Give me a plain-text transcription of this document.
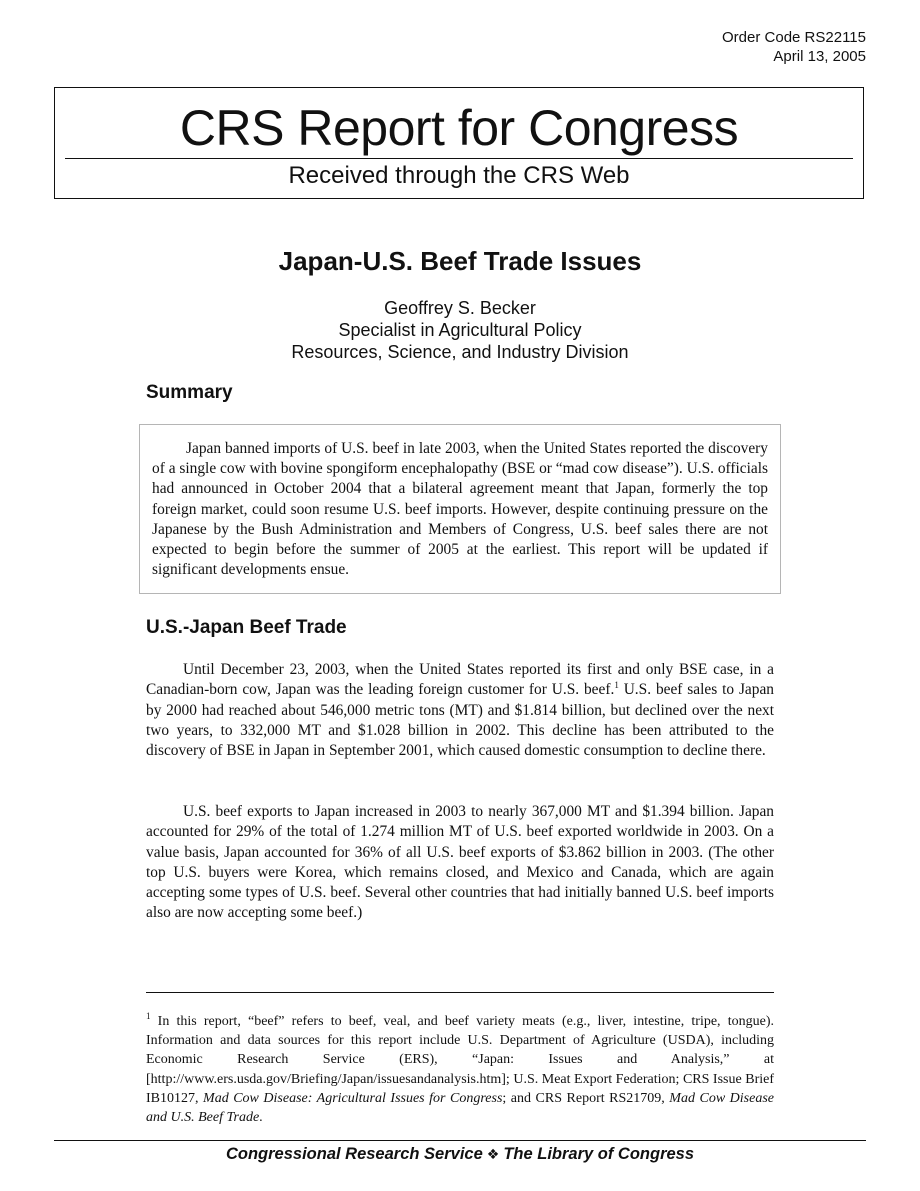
Order Code RS22115
April 13, 2005
CRS Report for Congress
Received through the CRS Web
Japan-U.S. Beef Trade Issues
Geoffrey S. Becker
Specialist in Agricultural Policy
Resources, Science, and Industry Division
Summary

Japan banned imports of U.S. beef in late 2003, when the United States reported the discovery of a single cow with bovine spongiform encephalopathy (BSE or “mad cow disease”). U.S. officials had announced in October 2004 that a bilateral agreement meant that Japan, formerly the top foreign market, could soon resume U.S. beef imports. However, despite continuing pressure on the Japanese by the Bush Administration and Members of Congress, U.S. beef sales there are not expected to begin before the summer of 2005 at the earliest. This report will be updated if significant developments ensue.

U.S.-Japan Beef Trade

Until December 23, 2003, when the United States reported its first and only BSE case, in a Canadian-born cow, Japan was the leading foreign customer for U.S. beef.$^1$ U.S. beef sales to Japan by 2000 had reached about 546,000 metric tons (MT) and $1.814 billion, but declined over the next two years, to 332,000 MT and $1.028 billion in 2002. This decline has been attributed to the discovery of BSE in Japan in September 2001, which caused domestic consumption to decline there.

U.S. beef exports to Japan increased in 2003 to nearly 367,000 MT and $1.394 billion. Japan accounted for 29% of the total of 1.274 million MT of U.S. beef exported worldwide in 2003. On a value basis, Japan accounted for 36% of all U.S. beef exports of $3.862 billion in 2003. (The other top U.S. buyers were Korea, which remains closed, and Mexico and Canada, which are again accepting some types of U.S. beef. Several other countries that had initially banned U.S. beef imports also are now accepting some beef.)

$^1$ In this report, “beef” refers to beef, veal, and beef variety meats (e.g., liver, intestine, tripe, tongue). Information and data sources for this report include U.S. Department of Agriculture (USDA), including Economic Research Service (ERS), “Japan: Issues and Analysis,” at [http://www.ers.usda.gov/Briefing/Japan/issuesandanalysis.htm]; U.S. Meat Export Federation; CRS Issue Brief IB10127, Mad Cow Disease: Agricultural Issues for Congress; and CRS Report RS21709, Mad Cow Disease and U.S. Beef Trade.

Congressional Research Service ❖ The Library of Congress
